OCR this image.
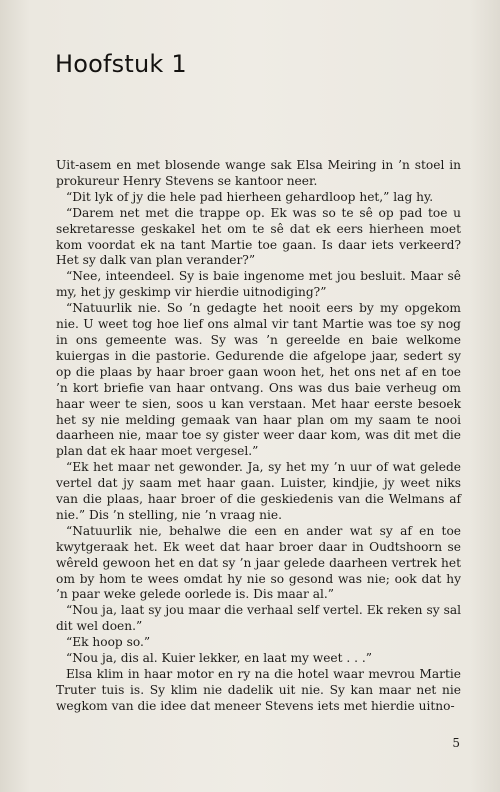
Hoofstuk 1

Uit-asem en met blosende wange sak Elsa Meiring in ’n stoel in prokureur Henry Stevens se kantoor neer.

“Dit lyk of jy die hele pad hierheen gehardloop het,” lag hy.

“Darem net met die trappe op. Ek was so te sê op pad toe u sekretaresse geskakel het om te sê dat ek eers hierheen moet kom voordat ek na tant Martie toe gaan. Is daar iets verkeerd? Het sy dalk van plan verander?”

“Nee, inteendeel. Sy is baie ingenome met jou besluit. Maar sê my, het jy geskimp vir hierdie uitnodiging?”

“Natuurlik nie. So ’n gedagte het nooit eers by my opgekom nie. U weet tog hoe lief ons almal vir tant Martie was toe sy nog in ons gemeente was. Sy was ’n gereelde en baie welkome kuiergas in die pastorie. Gedurende die afgelope jaar, sedert sy op die plaas by haar broer gaan woon het, het ons net af en toe ’n kort briefie van haar ontvang. Ons was dus baie verheug om haar weer te sien, soos u kan verstaan. Met haar eerste besoek het sy nie melding gemaak van haar plan om my saam te nooi daarheen nie, maar toe sy gister weer daar kom, was dit met die plan dat ek haar moet vergesel.”

“Ek het maar net gewonder. Ja, sy het my ’n uur of wat gelede vertel dat jy saam met haar gaan. Luister, kindjie, jy weet niks van die plaas, haar broer of die geskiedenis van die Welmans af nie.” Dis ’n stelling, nie ’n vraag nie.

“Natuurlik nie, behalwe die een en ander wat sy af en toe kwytgeraak het. Ek weet dat haar broer daar in Oudtshoorn se wêreld gewoon het en dat sy ’n jaar gelede daarheen vertrek het om by hom te wees omdat hy nie so gesond was nie; ook dat hy ’n paar weke gelede oorlede is. Dis maar al.”

“Nou ja, laat sy jou maar die verhaal self vertel. Ek reken sy sal dit wel doen.”

“Ek hoop so.”

“Nou ja, dis al. Kuier lekker, en laat my weet . . .”

Elsa klim in haar motor en ry na die hotel waar mevrou Martie Truter tuis is. Sy klim nie dadelik uit nie. Sy kan maar net nie wegkom van die idee dat meneer Stevens iets met hierdie uitno-

5
